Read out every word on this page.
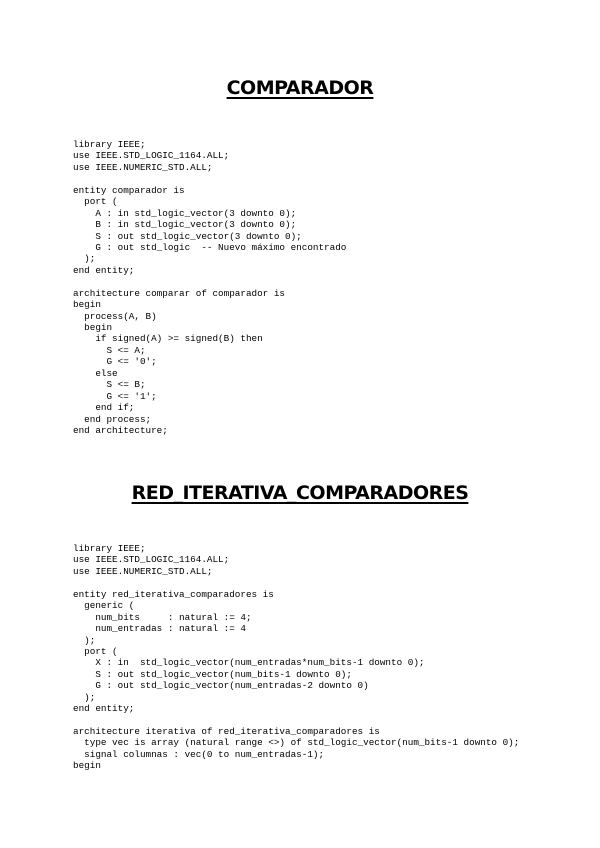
COMPARADOR
library IEEE;
use IEEE.STD_LOGIC_1164.ALL;
use IEEE.NUMERIC_STD.ALL;

entity comparador is
port (
A : in std_logic_vector(3 downto 0);
B : in std_logic_vector(3 downto 0);
S : out std_logic_vector(3 downto 0);
G : out std_logic  -- Nuevo máximo encontrado
);
end entity;

architecture comparar of comparador is
begin
process(A, B)
begin
if signed(A) >= signed(B) then
S <= A;
G <= '0';
else
S <= B;
G <= '1';
end if;
end process;
end architecture;
RED_ITERATIVA_COMPARADORES
library IEEE;
use IEEE.STD_LOGIC_1164.ALL;
use IEEE.NUMERIC_STD.ALL;

entity red_iterativa_comparadores is
generic (
num_bits     : natural := 4;
num_entradas : natural := 4
);
port (
X : in  std_logic_vector(num_entradas*num_bits-1 downto 0);
S : out std_logic_vector(num_bits-1 downto 0);
G : out std_logic_vector(num_entradas-2 downto 0)
);
end entity;

architecture iterativa of red_iterativa_comparadores is
type vec is array (natural range <>) of std_logic_vector(num_bits-1 downto 0);
signal columnas : vec(0 to num_entradas-1);
begin
